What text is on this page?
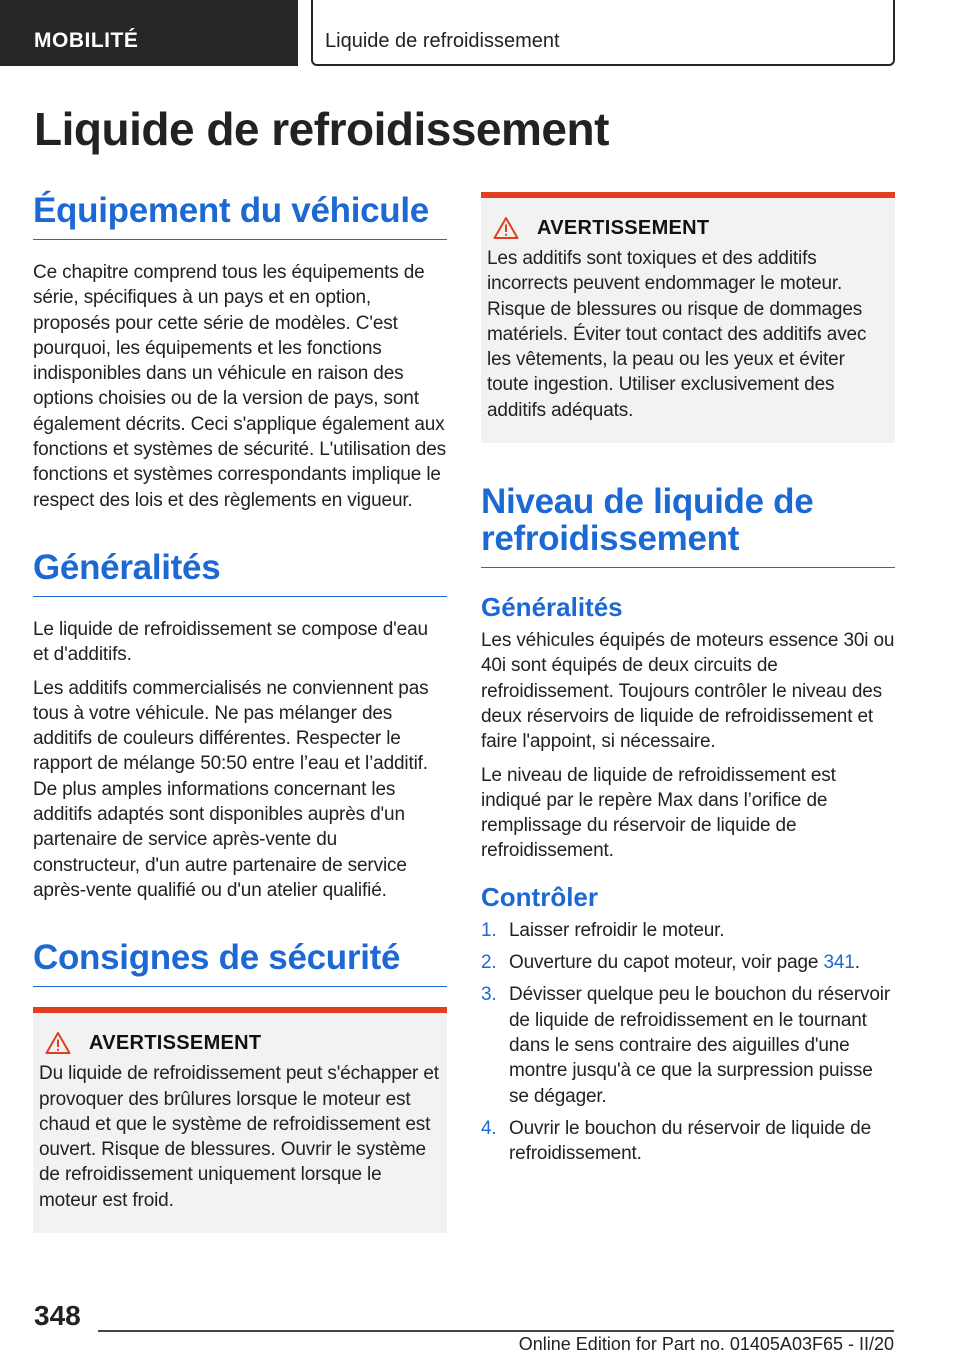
MOBILITÉ	Liquide de refroidissement
Liquide de refroidissement
Équipement du véhicule

Ce chapitre comprend tous les équipements de série, spécifiques à un pays et en option, proposés pour cette série de modèles. C'est pourquoi, les équipements et les fonctions indisponibles dans un véhicule en raison des options choisies ou de la version de pays, sont également décrits. Ceci s'applique également aux fonctions et systèmes de sécurité. L'utilisation des fonctions et systèmes correspondants implique le respect des lois et des règlements en vigueur.

Généralités

Le liquide de refroidissement se compose d'eau et d'additifs.

Les additifs commercialisés ne conviennent pas tous à votre véhicule. Ne pas mélanger des additifs de couleurs différentes. Respecter le rapport de mélange 50:50 entre l’eau et l’additif. De plus amples informations concernant les additifs adaptés sont disponibles auprès d'un partenaire de service après-vente du constructeur, d'un autre partenaire de service après-vente qualifié ou d'un atelier qualifié.

Consignes de sécurité
AVERTISSEMENT

Du liquide de refroidissement peut s'échapper et provoquer des brûlures lorsque le moteur est chaud et que le système de refroidissement est ouvert. Risque de blessures. Ouvrir le système de refroidissement uniquement lorsque le moteur est froid.

AVERTISSEMENT

Les additifs sont toxiques et des additifs incorrects peuvent endommager le moteur. Risque de blessures ou risque de dommages matériels. Éviter tout contact des additifs avec les vêtements, la peau ou les yeux et éviter toute ingestion. Utiliser exclusivement des additifs adéquats.

Niveau de liquide de refroidissement
Généralités

Les véhicules équipés de moteurs essence 30i ou 40i sont équipés de deux circuits de refroidissement. Toujours contrôler le niveau des deux réservoirs de liquide de refroidissement et faire l'appoint, si nécessaire.

Le niveau de liquide de refroidissement est indiqué par le repère Max dans l’orifice de remplissage du réservoir de liquide de refroidissement.

Contrôler
1. Laisser refroidir le moteur.
2. Ouverture du capot moteur, voir page 341.
3. Dévisser quelque peu le bouchon du réservoir de liquide de refroidissement en le tournant dans le sens contraire des aiguilles d'une montre jusqu'à ce que la surpression puisse se dégager.
4. Ouvrir le bouchon du réservoir de liquide de refroidissement.
348
Online Edition for Part no. 01405A03F65 - II/20
